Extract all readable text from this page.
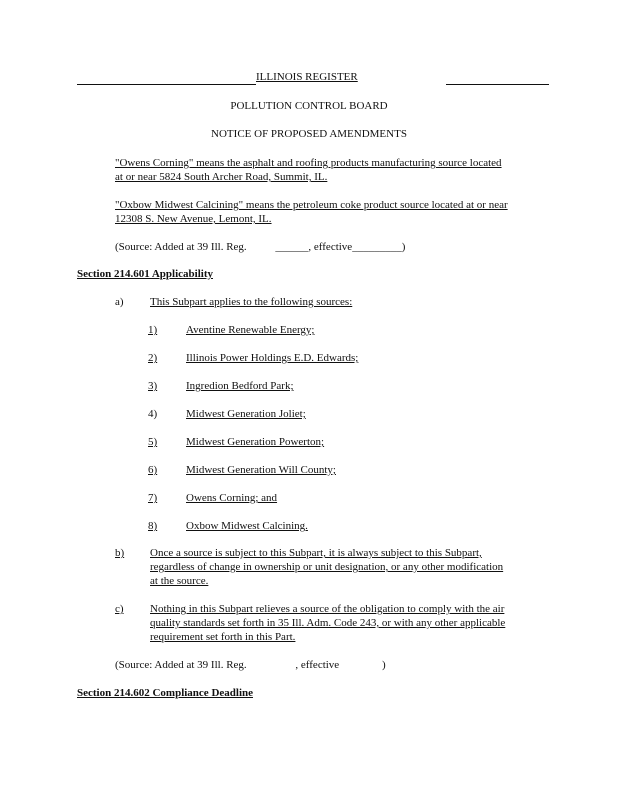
ILLINOIS REGISTER
POLLUTION CONTROL BOARD
NOTICE OF PROPOSED AMENDMENTS
"Owens Corning" means the asphalt and roofing products manufacturing source located
at or near 5824 South Archer Road, Summit, IL.
"Oxbow Midwest Calcining" means the petroleum coke product source located at or near
12308 S. New Avenue, Lemont, IL.
(Source: Added at 39 Ill. Reg.	______, effective_________)
Section 214.601 Applicability
a) This Subpart applies to the following sources:
1)	Aventine Renewable Energy;
2)	Illinois Power Holdings E.D. Edwards;
3)	Ingredion Bedford Park;
4)	Midwest Generation Joliet;
5)	Midwest Generation Powerton;
6)	Midwest Generation Will County;
7)	Owens Corning; and
8)	Oxbow Midwest Calcining.
b) Once a source is subject to this Subpart, it is always subject to this Subpart,
regardless of change in ownership or unit designation, or any other modification
at the source.
c) Nothing in this Subpart relieves a source of the obligation to comply with the air
quality standards set forth in 35 Ill. Adm. Code 243, or with any other applicable
requirement set forth in this Part.
(Source: Added at 39 Ill. Reg.	, effective	)
Section 214.602 Compliance Deadline
